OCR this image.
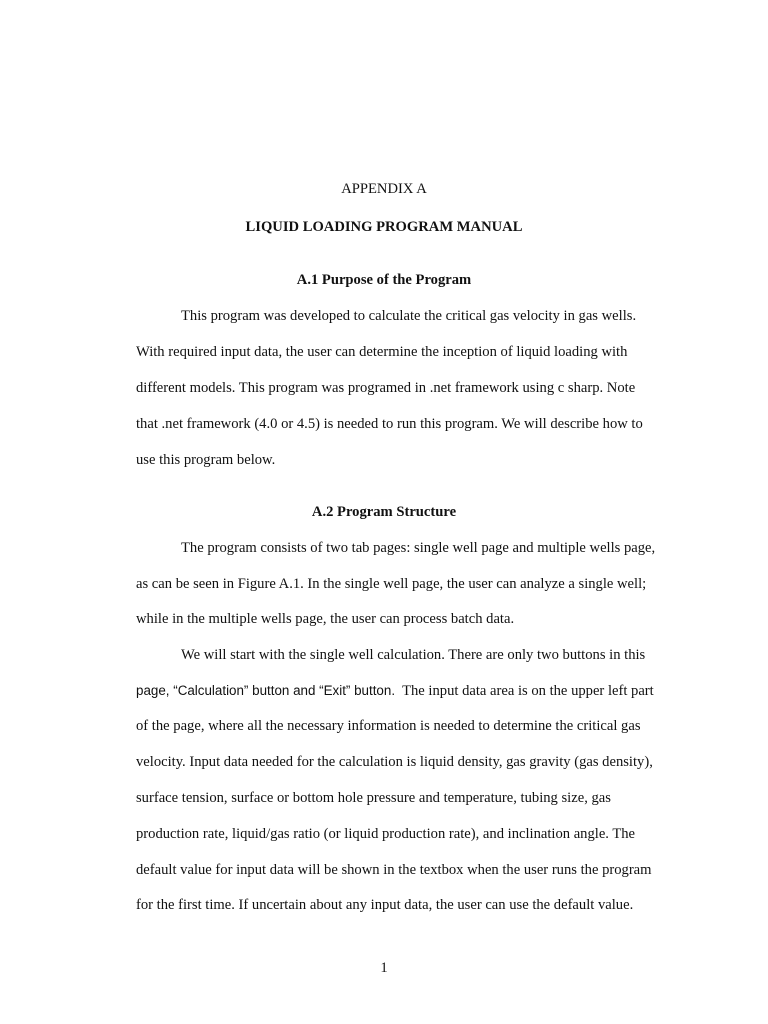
APPENDIX A
LIQUID LOADING PROGRAM MANUAL
A.1 Purpose of the Program
This program was developed to calculate the critical gas velocity in gas wells.
With required input data, the user can determine the inception of liquid loading with
different models. This program was programed in .net framework using c sharp. Note
that .net framework (4.0 or 4.5) is needed to run this program. We will describe how to
use this program below.
A.2 Program Structure
The program consists of two tab pages: single well page and multiple wells page,
as can be seen in Figure A.1. In the single well page, the user can analyze a single well;
while in the multiple wells page, the user can process batch data.
We will start with the single well calculation. There are only two buttons in this
page, “Calculation” button and “Exit” button.  The input data area is on the upper left part
of the page, where all the necessary information is needed to determine the critical gas
velocity. Input data needed for the calculation is liquid density, gas gravity (gas density),
surface tension, surface or bottom hole pressure and temperature, tubing size, gas
production rate, liquid/gas ratio (or liquid production rate), and inclination angle. The
default value for input data will be shown in the textbox when the user runs the program
for the first time. If uncertain about any input data, the user can use the default value.
1
